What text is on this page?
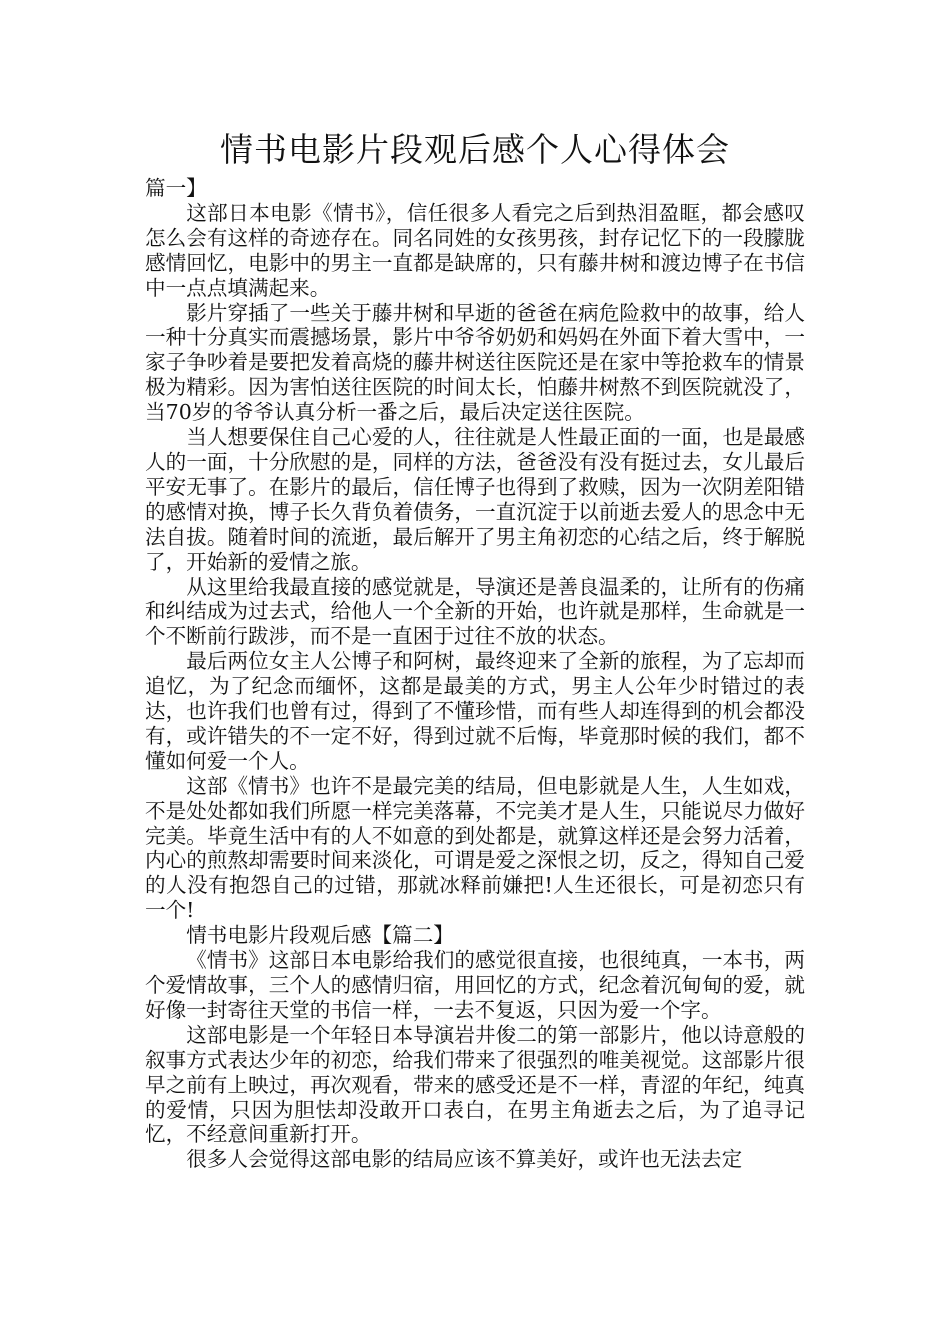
情书电影片段观后感个人心得体会

篇一】

这部日本电影《情书》，信任很多人看完之后到热泪盈眶，都会感叹怎么会有这样的奇迹存在。同名同姓的女孩男孩，封存记忆下的一段朦胧感情回忆，电影中的男主一直都是缺席的，只有藤井树和渡边博子在书信中一点点填满起来。

影片穿插了一些关于藤井树和早逝的爸爸在病危险救中的故事，给人一种十分真实而震撼场景，影片中爷爷奶奶和妈妈在外面下着大雪中，一家子争吵着是要把发着高烧的藤井树送往医院还是在家中等抢救车的情景极为精彩。因为害怕送往医院的时间太长，怕藤井树熬不到医院就没了，当70岁的爷爷认真分析一番之后，最后决定送往医院。

当人想要保住自己心爱的人，往往就是人性最正面的一面，也是最感人的一面，十分欣慰的是，同样的方法，爸爸没有没有挺过去，女儿最后平安无事了。在影片的最后，信任博子也得到了救赎，因为一次阴差阳错的感情对换，博子长久背负着债务，一直沉淀于以前逝去爱人的思念中无法自拔。随着时间的流逝，最后解开了男主角初恋的心结之后，终于解脱了，开始新的爱情之旅。

从这里给我最直接的感觉就是，导演还是善良温柔的，让所有的伤痛和纠结成为过去式，给他人一个全新的开始，也许就是那样，生命就是一个不断前行跋涉，而不是一直困于过往不放的状态。

最后两位女主人公博子和阿树，最终迎来了全新的旅程，为了忘却而追忆，为了纪念而缅怀，这都是最美的方式，男主人公年少时错过的表达，也许我们也曾有过，得到了不懂珍惜，而有些人却连得到的机会都没有，或许错失的不一定不好，得到过就不后悔，毕竟那时候的我们，都不懂如何爱一个人。

这部《情书》也许不是最完美的结局，但电影就是人生，人生如戏，不是处处都如我们所愿一样完美落幕，不完美才是人生，只能说尽力做好完美。毕竟生活中有的人不如意的到处都是，就算这样还是会努力活着，内心的煎熬却需要时间来淡化，可谓是爱之深恨之切，反之，得知自己爱的人没有抱怨自己的过错，那就冰释前嫌把!人生还很长，可是初恋只有一个!

情书电影片段观后感【篇二】

《情书》这部日本电影给我们的感觉很直接，也很纯真，一本书，两个爱情故事，三个人的感情归宿，用回忆的方式，纪念着沉甸甸的爱，就好像一封寄往天堂的书信一样，一去不复返，只因为爱一个字。

这部电影是一个年轻日本导演岩井俊二的第一部影片，他以诗意般的叙事方式表达少年的初恋，给我们带来了很强烈的唯美视觉。这部影片很早之前有上映过，再次观看，带来的感受还是不一样，青涩的年纪，纯真的爱情，只因为胆怯却没敢开口表白，在男主角逝去之后，为了追寻记忆，不经意间重新打开。

很多人会觉得这部电影的结局应该不算美好，或许也无法去定
